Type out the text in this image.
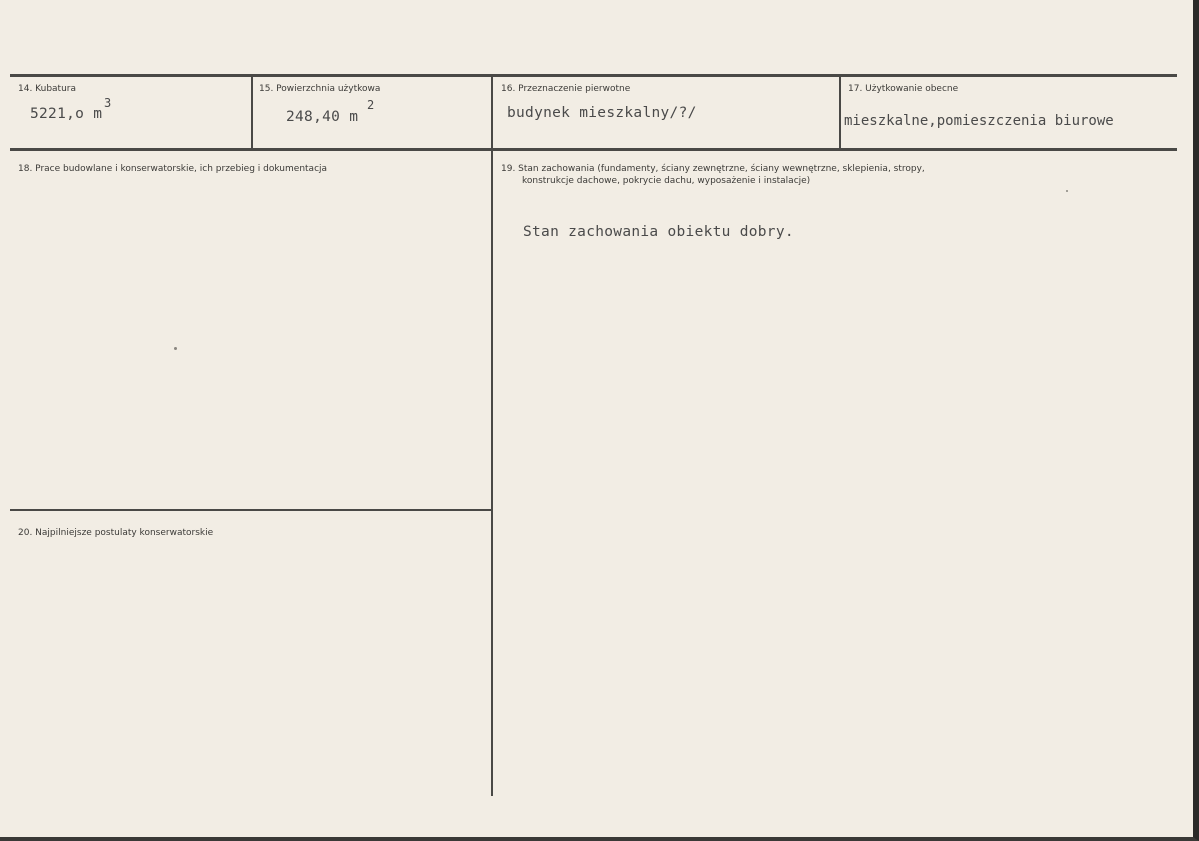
14. Kubatura
5221,o m
3
15. Powierzchnia użytkowa
248,40 m
2
16. Przeznaczenie pierwotne
budynek mieszkalny/?/
17. Użytkowanie obecne
mieszkalne,pomieszczenia biurowe
18. Prace budowlane i konserwatorskie, ich przebieg i dokumentacja	19. Stan zachowania (fundamenty, ściany zewnętrzne, ściany wewnętrzne, sklepienia, stropy,
konstrukcje dachowe, pokrycie dachu, wyposażenie i instalacje)
Stan zachowania obiektu dobry.
20. Najpilniejsze postulaty konserwatorskie
